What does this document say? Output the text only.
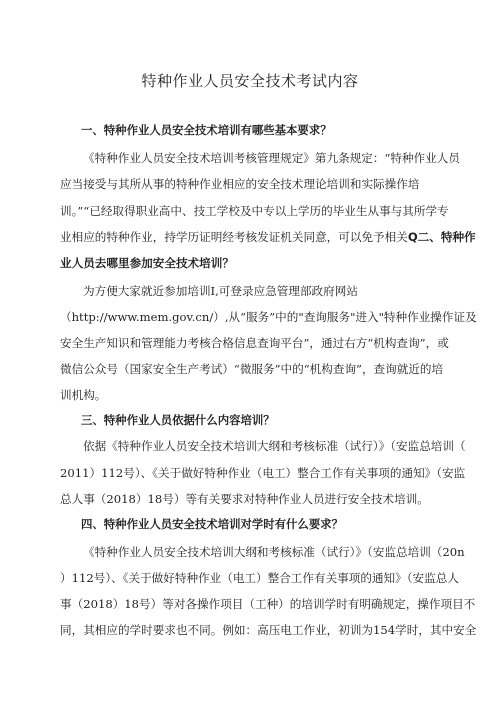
特种作业人员安全技术考试内容
一、特种作业人员安全技术培训有哪些基本要求？
《特种作业人员安全技术培训考核管理规定》第九条规定：“特种作业人员
应当接受与其所从事的特种作业相应的安全技术理论培训和实际操作培
训。”“已经取得职业高中、技工学校及中专以上学历的毕业生从事与其所学专
业相应的特种作业，持学历证明经考核发证机关同意，可以免予相关Q二、特种作
业人员去哪里参加安全技术培训？
为方便大家就近参加培训I,可登录应急管理部政府网站
（http://www.mem.gov.cn/）,从“服务”中的"查询服务"进入"特种作业操作证及
安全生产知识和管理能力考核合格信息查询平台”，通过右方“机构查询”，或
微信公众号（国家安全生产考试）“微服务”中的“机构查询”，查询就近的培
训机构。
三、特种作业人员依据什么内容培训？
依据《特种作业人员安全技术培训大纲和考核标准（试行）》（安监总培训（
2011）112号）、《关于做好特种作业（电工）整合工作有关事项的通知》（安监
总人事（2018）18号）等有关要求对特种作业人员进行安全技术培训。
四、特种作业人员安全技术培训对学时有什么要求？
《特种作业人员安全技术培训大纲和考核标准（试行）》（安监总培训（20n
）112号）、《关于做好特种作业（电工）整合工作有关事项的通知》（安监总人
事（2018）18号）等对各操作项目（工种）的培训学时有明确规定，操作项目不
同，其相应的学时要求也不同。例如：高压电工作业，初训为154学时，其中安全
